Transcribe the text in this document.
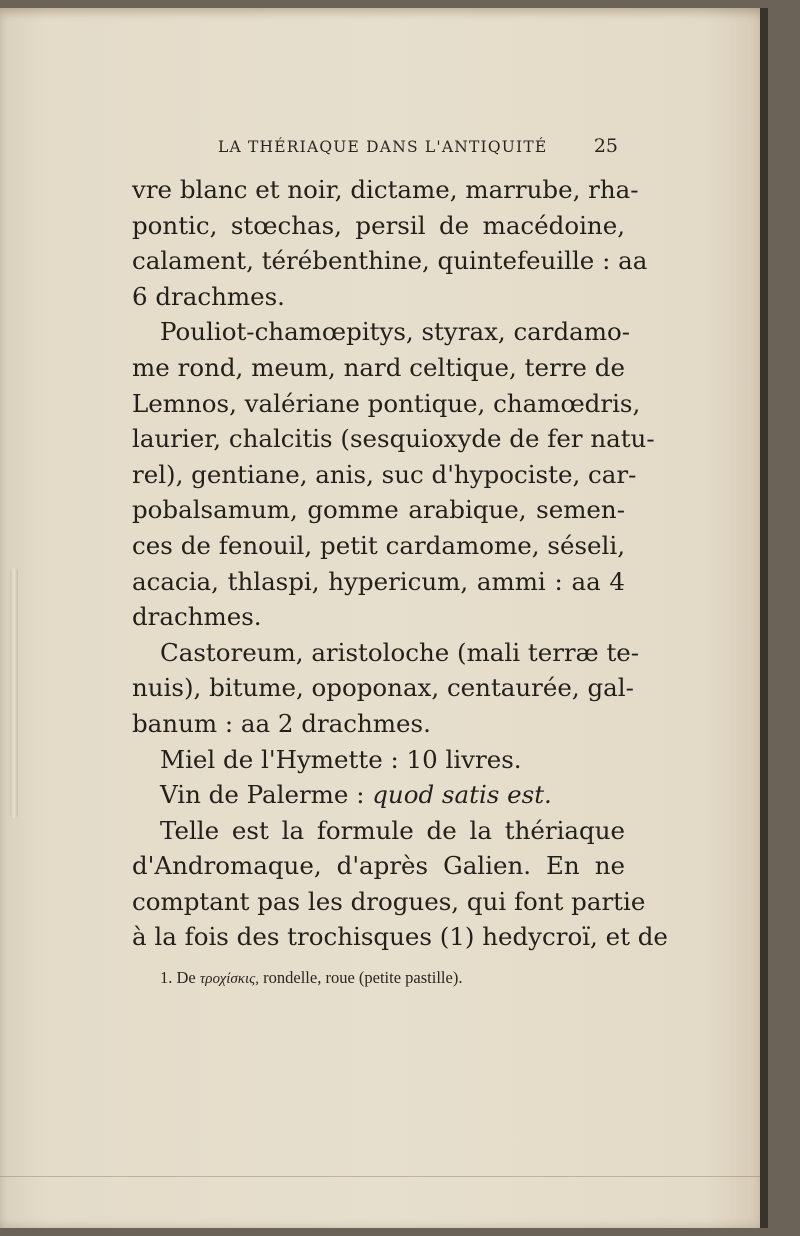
LA THÉRIAQUE DANS L'ANTIQUITÉ 25
vre blanc et noir, dictame, marrube, rha-
pontic, stœchas, persil de macédoine,
calament, térébenthine, quintefeuille : aa
6 drachmes.
Pouliot-chamœpitys, styrax, cardamo-
me rond, meum, nard celtique, terre de
Lemnos, valériane pontique, chamœdris,
laurier, chalcitis (sesquioxyde de fer natu-
rel), gentiane, anis, suc d'hypociste, car-
pobalsamum, gomme arabique, semen-
ces de fenouil, petit cardamome, séseli,
acacia, thlaspi, hypericum, ammi : aa 4
drachmes.
Castoreum, aristoloche (mali terræ te-
nuis), bitume, opoponax, centaurée, gal-
banum : aa 2 drachmes.
Miel de l'Hymette : 10 livres.
Vin de Palerme : quod satis est.
Telle est la formule de la thériaque
d'Andromaque, d'après Galien. En ne
comptant pas les drogues, qui font partie
à la fois des trochisques (1) hedycroï, et de
1. De τροχίσκις, rondelle, roue (petite pastille).
